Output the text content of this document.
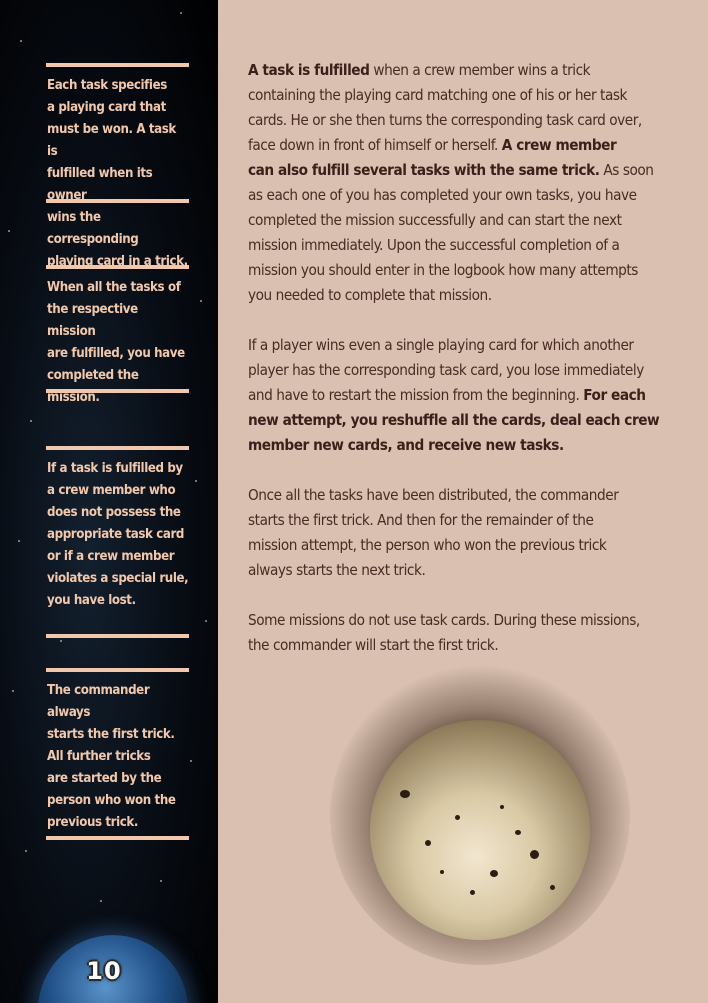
Each task specifies
a playing card that
must be won. A task is
fulfilled when its owner
wins the corresponding
playing card in a trick.

When all the tasks of
the respective mission
are fulfilled, you have
completed the mission.

If a task is fulfilled by
a crew member who
does not possess the
appropriate task card
or if a crew member
violates a special rule,
you have lost.

The commander always
starts the first trick.
All further tricks
are started by the
person who won the
previous trick.

10

A task is fulfilled when a crew member wins a trick
containing the playing card matching one of his or her task
cards. He or she then turns the corresponding task card over,
face down in front of himself or herself. A crew member
can also fulfill several tasks with the same trick. As soon
as each one of you has completed your own tasks, you have
completed the mission successfully and can start the next
mission immediately. Upon the successful completion of a
mission you should enter in the logbook how many attempts
you needed to complete that mission.

If a player wins even a single playing card for which another
player has the corresponding task card, you lose immediately
and have to restart the mission from the beginning. For each
new attempt, you reshuffle all the cards, deal each crew
member new cards, and receive new tasks.

Once all the tasks have been distributed, the commander
starts the first trick. And then for the remainder of the
mission attempt, the person who won the previous trick
always starts the next trick.

Some missions do not use task cards. During these missions,
the commander will start the first trick.
